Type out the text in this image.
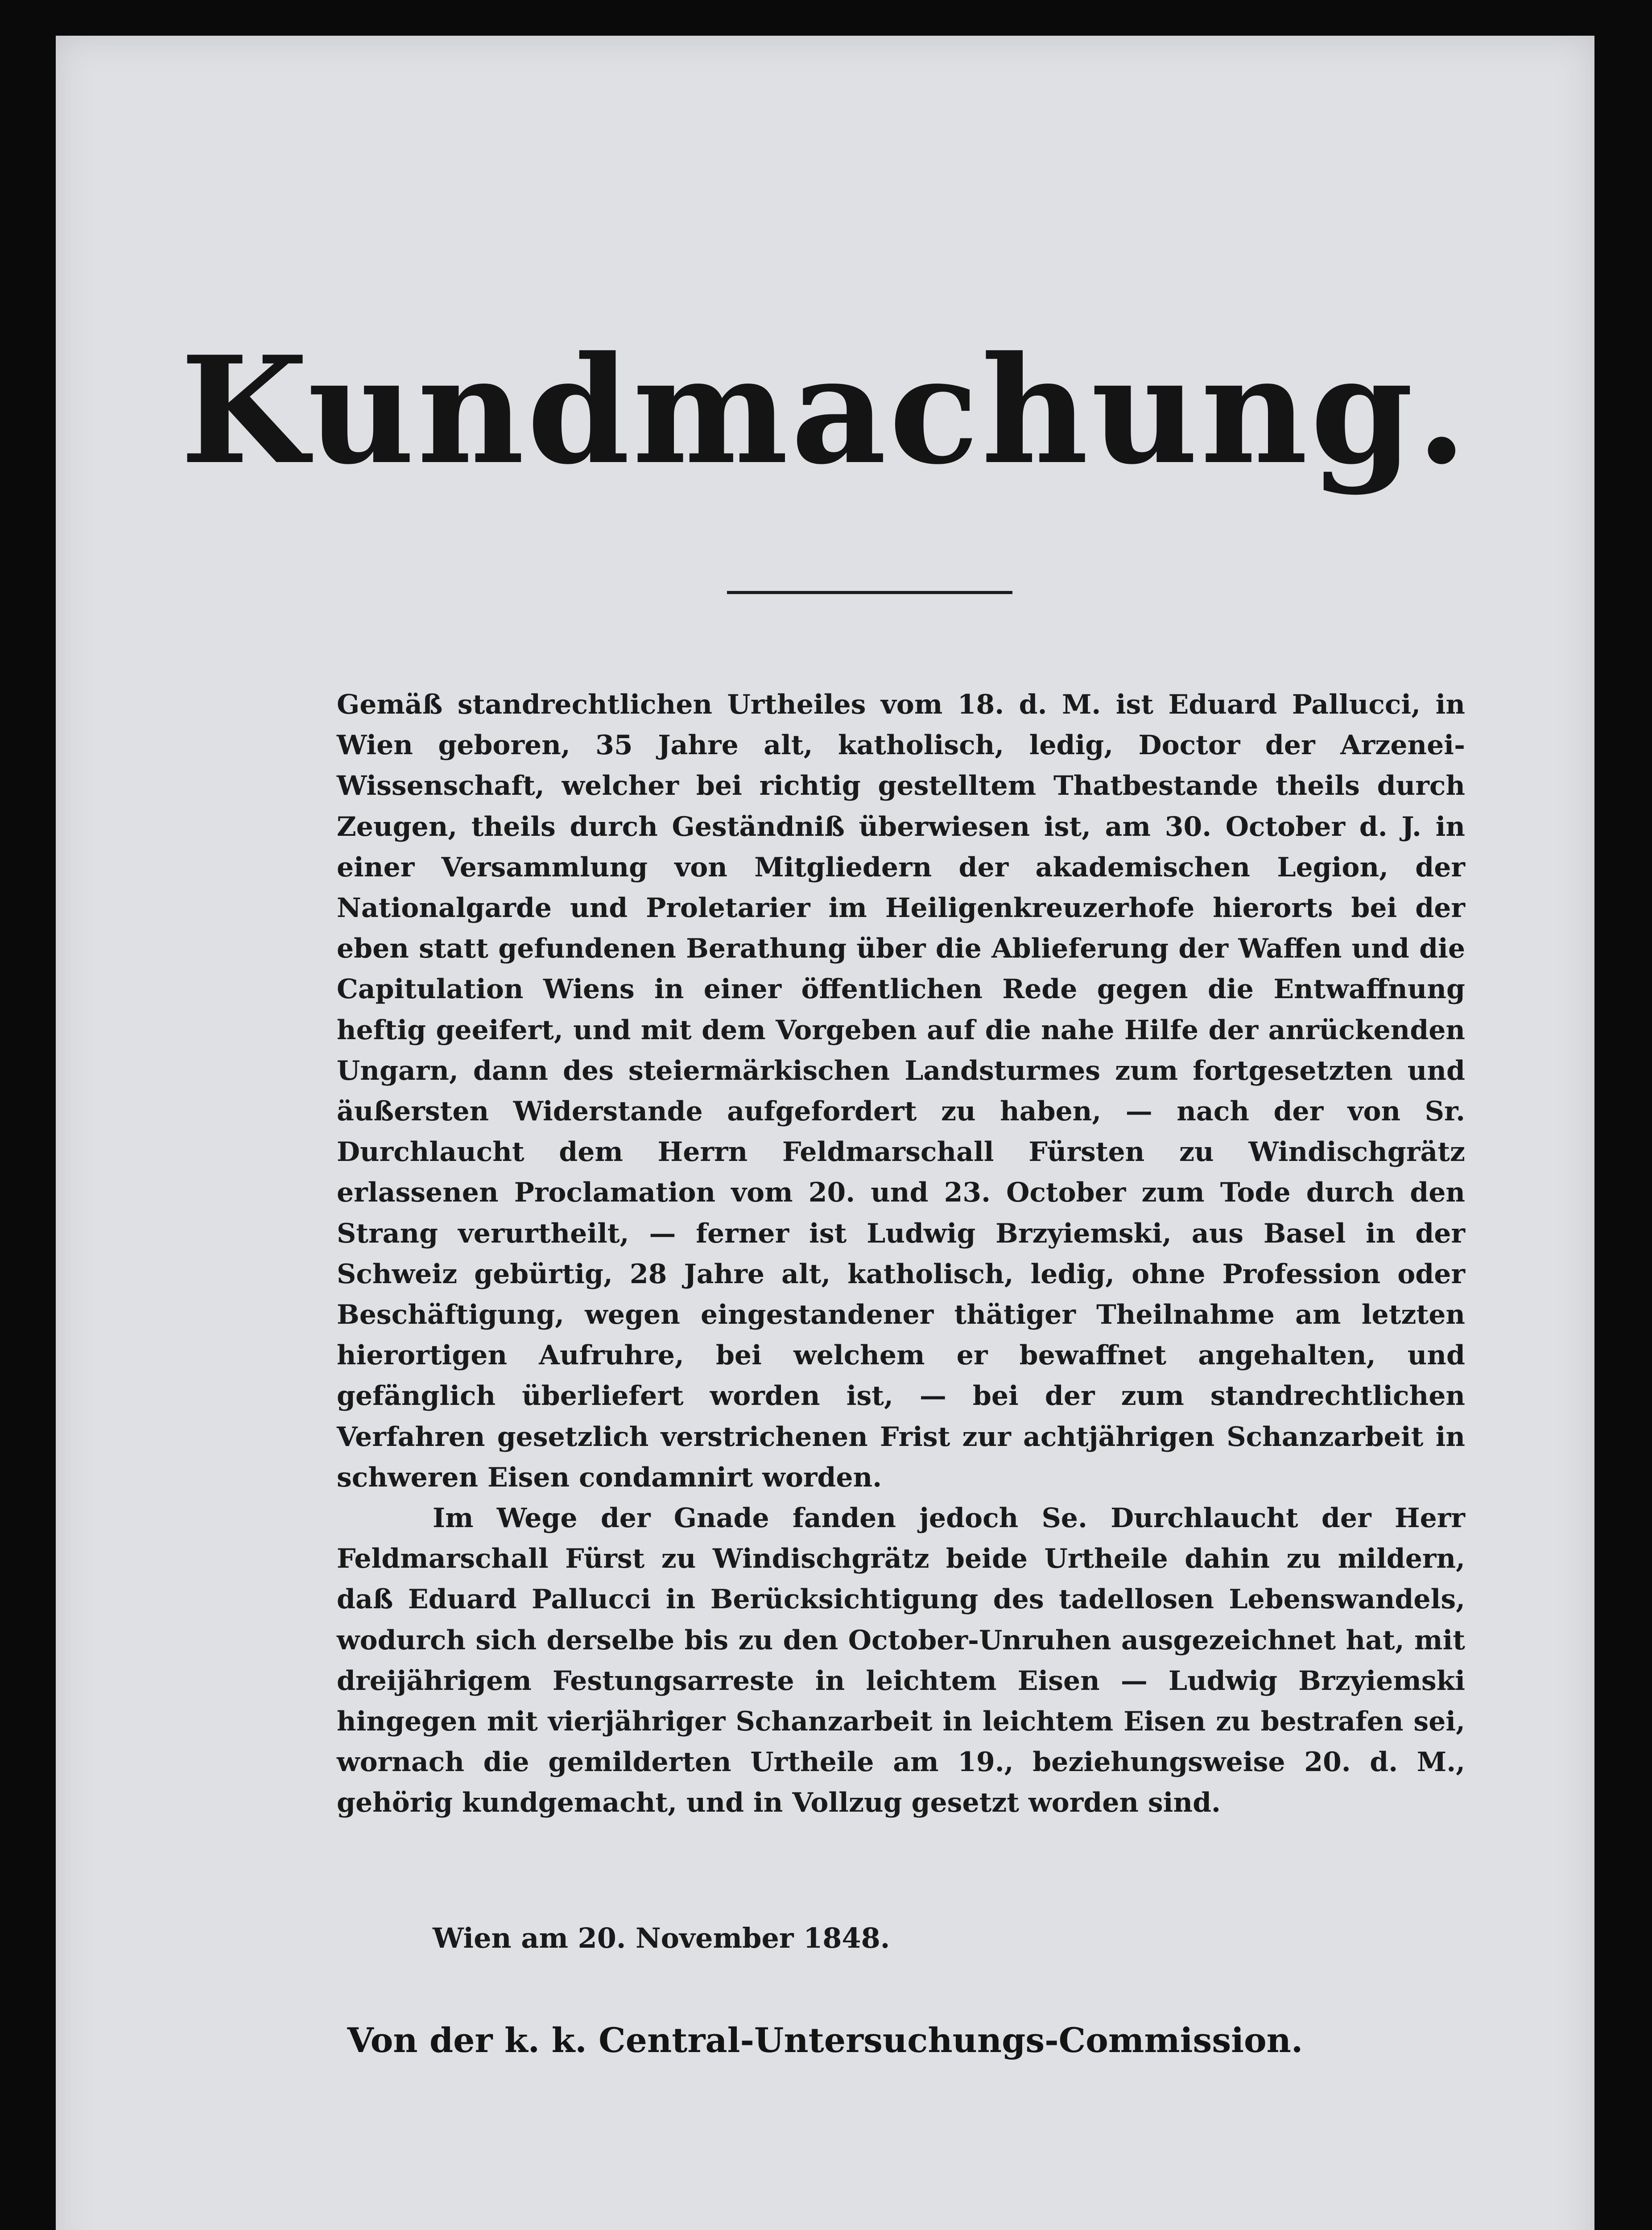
Kundmachung.

Gemäß standrechtlichen Urtheiles vom 18. d. M. ist Eduard Pallucci, in Wien geboren, 35 Jahre alt, katholisch, ledig, Doctor der Arzenei-Wissenschaft, welcher bei richtig gestelltem Thatbestande theils durch Zeugen, theils durch Geständniß überwiesen ist, am 30. October d. J. in einer Versammlung von Mitgliedern der akademischen Legion, der Nationalgarde und Proletarier im Heiligenkreuzerhofe hierorts bei der eben statt gefundenen Berathung über die Ablieferung der Waffen und die Capitulation Wiens in einer öffentlichen Rede gegen die Entwaffnung heftig geeifert, und mit dem Vorgeben auf die nahe Hilfe der anrückenden Ungarn, dann des steiermärkischen Landsturmes zum fortgesetzten und äußersten Widerstande aufgefordert zu haben, — nach der von Sr. Durchlaucht dem Herrn Feldmarschall Fürsten zu Windischgrätz erlassenen Proclamation vom 20. und 23. October zum Tode durch den Strang verurtheilt, — ferner ist Ludwig Brzyiemski, aus Basel in der Schweiz gebürtig, 28 Jahre alt, katholisch, ledig, ohne Profession oder Beschäftigung, wegen eingestandener thätiger Theilnahme am letzten hierortigen Aufruhre, bei welchem er bewaffnet angehalten, und gefänglich überliefert worden ist, — bei der zum standrechtlichen Verfahren gesetzlich verstrichenen Frist zur achtjährigen Schanzarbeit in schweren Eisen condamnirt worden.

Im Wege der Gnade fanden jedoch Se. Durchlaucht der Herr Feldmarschall Fürst zu Windischgrätz beide Urtheile dahin zu mildern, daß Eduard Pallucci in Berücksichtigung des tadellosen Lebenswandels, wodurch sich derselbe bis zu den October-Unruhen ausgezeichnet hat, mit dreijährigem Festungsarreste in leichtem Eisen — Ludwig Brzyiemski hingegen mit vierjähriger Schanzarbeit in leichtem Eisen zu bestrafen sei, wornach die gemilderten Urtheile am 19., beziehungsweise 20. d. M., gehörig kundgemacht, und in Vollzug gesetzt worden sind.

Wien am 20. November 1848.
Von der k. k. Central-Untersuchungs-Commission.
